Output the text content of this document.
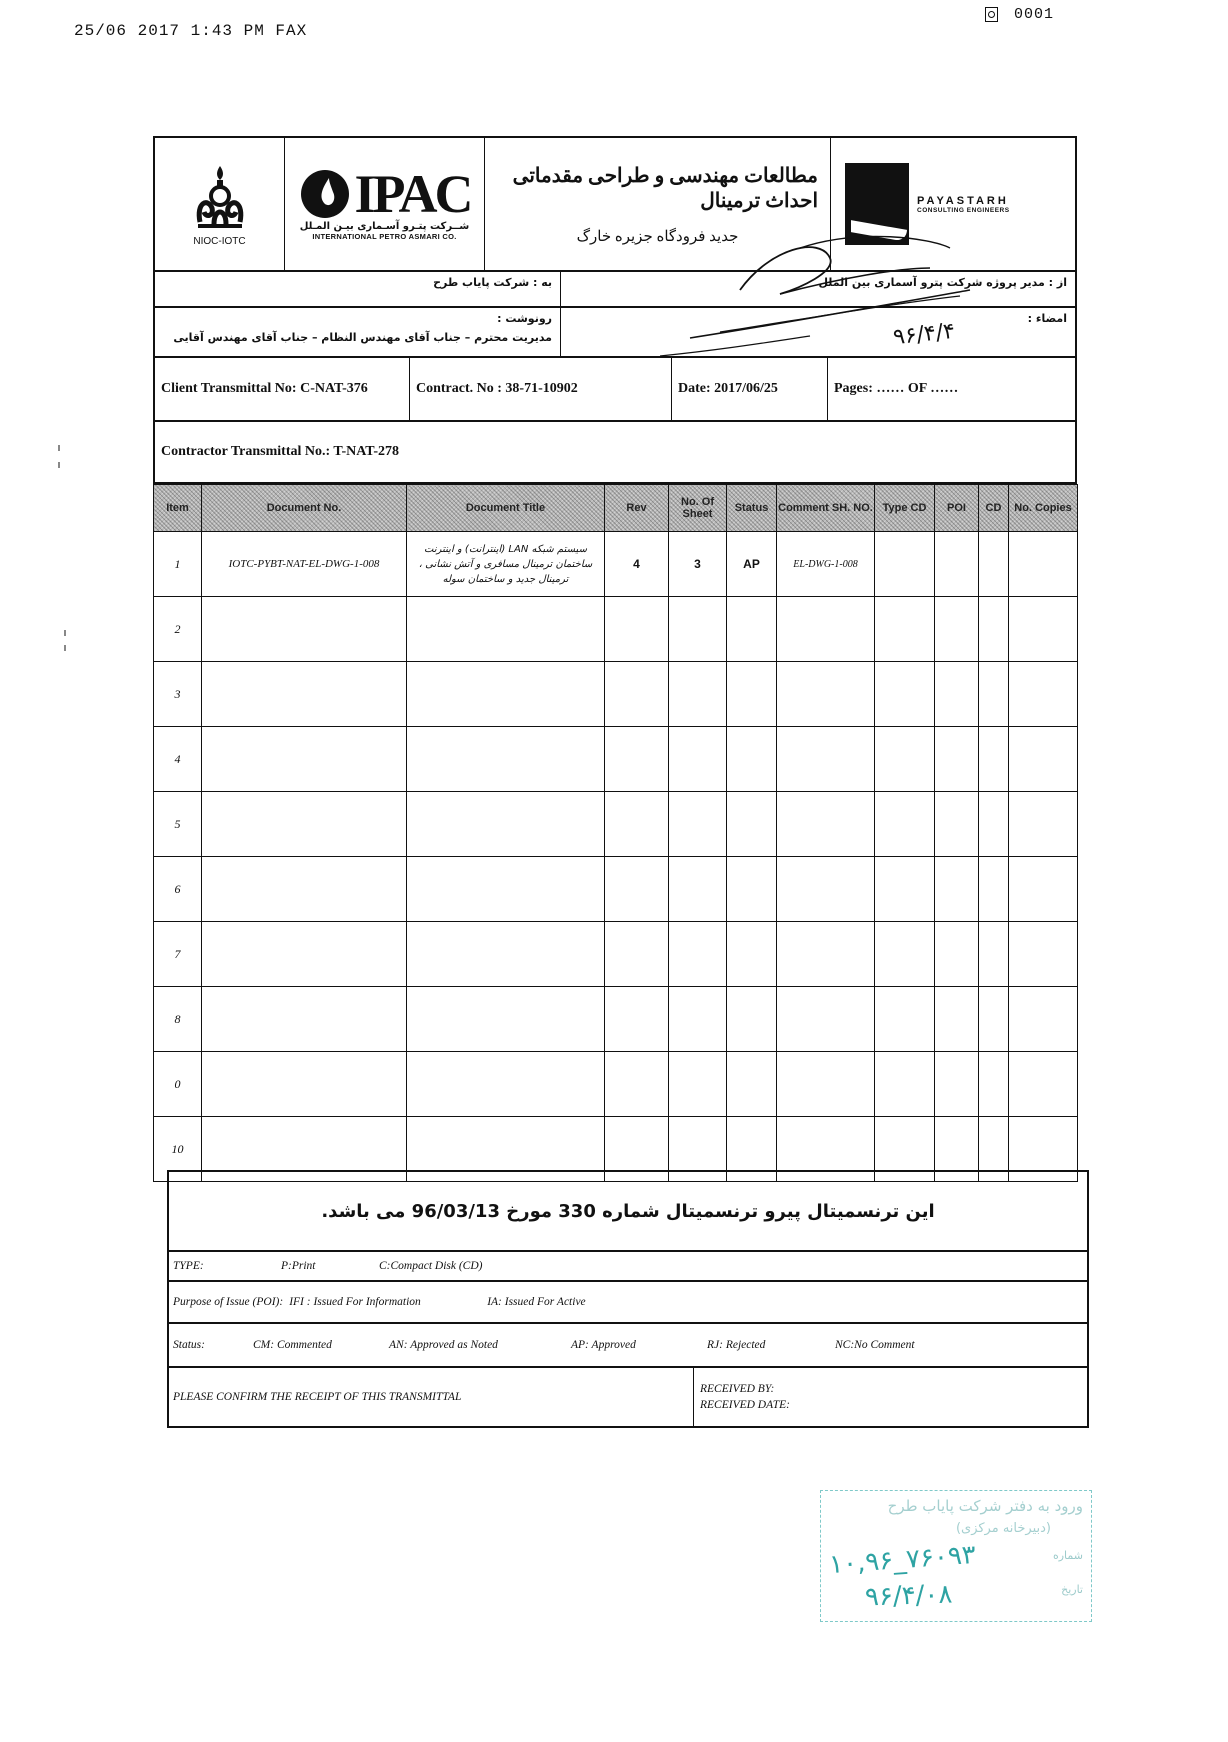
25/06 2017 1:43 PM FAX
0001
NIOC-IOTC
IPAC
شــركت پتـرو آسـماری بيـن المـلل
INTERNATIONAL PETRO ASMARI CO.
مطالعات مهندسی و طراحی مقدماتی احداث ترمینال
جدید فرودگاه جزیره خارگ
PAYASTARH
CONSULTING ENGINEERS
به : شرکت پایاب طرح	از : مدیر پروژه شرکت پترو آسماری بین الملل
رونوشت :
مدیریت محترم – جناب آقای مهندس النظام – جناب آقای مهندس آقایی
امضاء :
۹۶/۴/۴
Client Transmittal No: C-NAT-376	Contract. No : 38-71-10902	Date: 2017/06/25	Pages: …… OF ……
Contractor Transmittal No.: T-NAT-278
Item	Document No.	Document Title	Rev	No. Of Sheet	Status	Comment SH. NO.	Type CD	POI	CD	No. Copies
1	IOTC-PYBT-NAT-EL-DWG-1-008	سیستم شبکه LAN (اینترانت) و اینترنت ساختمان ترمینال مسافری و آتش نشانی ، ترمینال جدید و ساختمان سوله	4	3	AP	EL-DWG-1-008				
2										
3										
4										
5										
6										
7										
8										
0										
10										
این ترنسمیتال پیرو ترنسمیتال شماره 330 مورخ 96/03/13 می باشد.
TYPE:	P:Print	C:Compact Disk (CD)
Purpose of Issue (POI): IFI : Issued For Information	IA: Issued For Active
Status:	CM: Commented	AN: Approved as Noted	AP: Approved	RJ: Rejected	NC:No Comment
PLEASE CONFIRM THE RECEIPT OF THIS TRANSMITTAL
RECEIVED BY:
RECEIVED DATE:
ورود به دفتر شرکت پایاب طرح
(دبیرخانه مرکزی)
شماره
تاریخ
۱۰,۹۶_۷۶۰۹۳
۹۶/۴/۰۸
